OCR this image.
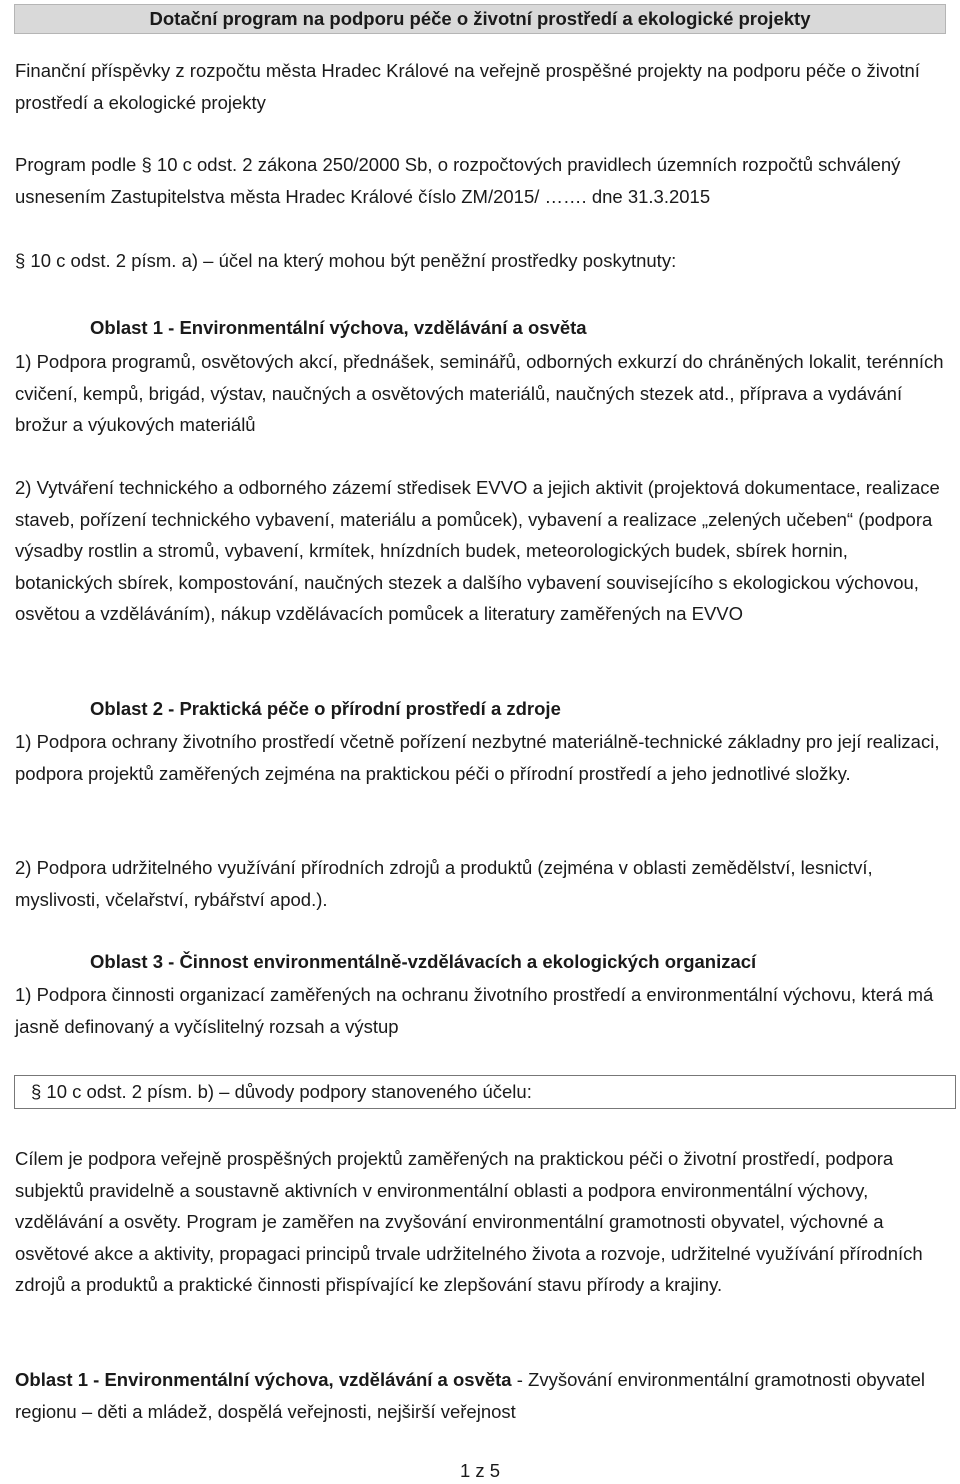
Dotační program na podporu péče o životní prostředí a ekologické projekty

Finanční příspěvky z rozpočtu města Hradec Králové na veřejně prospěšné projekty na podporu péče o životní prostředí a ekologické projekty

Program podle § 10 c odst. 2 zákona 250/2000 Sb, o rozpočtových pravidlech územních rozpočtů schválený usnesením Zastupitelstva města Hradec Králové číslo ZM/2015/ ……. dne 31.3.2015

§ 10 c odst. 2 písm. a) – účel na který mohou být peněžní prostředky poskytnuty:

Oblast 1 - Environmentální výchova, vzdělávání a osvěta

1) Podpora programů, osvětových akcí, přednášek, seminářů, odborných exkurzí do chráněných lokalit, terénních cvičení, kempů, brigád, výstav, naučných a osvětových materiálů, naučných stezek atd., příprava a vydávání brožur a výukových materiálů

2) Vytváření technického a odborného zázemí středisek EVVO a jejich aktivit (projektová dokumentace, realizace staveb, pořízení technického vybavení, materiálu a pomůcek), vybavení a realizace „zelených učeben“ (podpora výsadby rostlin a stromů, vybavení, krmítek, hnízdních budek, meteorologických budek, sbírek hornin, botanických sbírek, kompostování, naučných stezek a dalšího vybavení souvisejícího s ekologickou výchovou, osvětou a vzděláváním), nákup vzdělávacích pomůcek a literatury zaměřených na EVVO

Oblast 2 - Praktická péče o přírodní prostředí a zdroje

1) Podpora ochrany životního prostředí včetně pořízení nezbytné materiálně-technické základny pro její realizaci, podpora projektů zaměřených zejména na praktickou péči o přírodní prostředí a jeho jednotlivé složky.

2) Podpora udržitelného využívání přírodních zdrojů a produktů (zejména v oblasti zemědělství, lesnictví, myslivosti, včelařství, rybářství apod.).

Oblast 3 - Činnost environmentálně-vzdělávacích a ekologických organizací

1) Podpora činnosti organizací zaměřených na ochranu životního prostředí a environmentální výchovu, která má jasně definovaný a vyčíslitelný rozsah a výstup

§ 10 c odst. 2 písm. b) – důvody podpory stanoveného účelu:

Cílem je podpora veřejně prospěšných projektů zaměřených na praktickou péči o životní prostředí, podpora subjektů pravidelně a soustavně aktivních v environmentální oblasti a podpora environmentální výchovy, vzdělávání a osvěty. Program je zaměřen na zvyšování environmentální gramotnosti obyvatel, výchovné a osvětové akce a aktivity, propagaci principů trvale udržitelného života a rozvoje, udržitelné využívání přírodních zdrojů a produktů a praktické činnosti přispívající ke zlepšování stavu přírody a krajiny.

Oblast 1 - Environmentální výchova, vzdělávání a osvěta - Zvyšování environmentální gramotnosti obyvatel regionu – děti a mládež, dospělá veřejnosti, nejširší veřejnost

1 z 5
